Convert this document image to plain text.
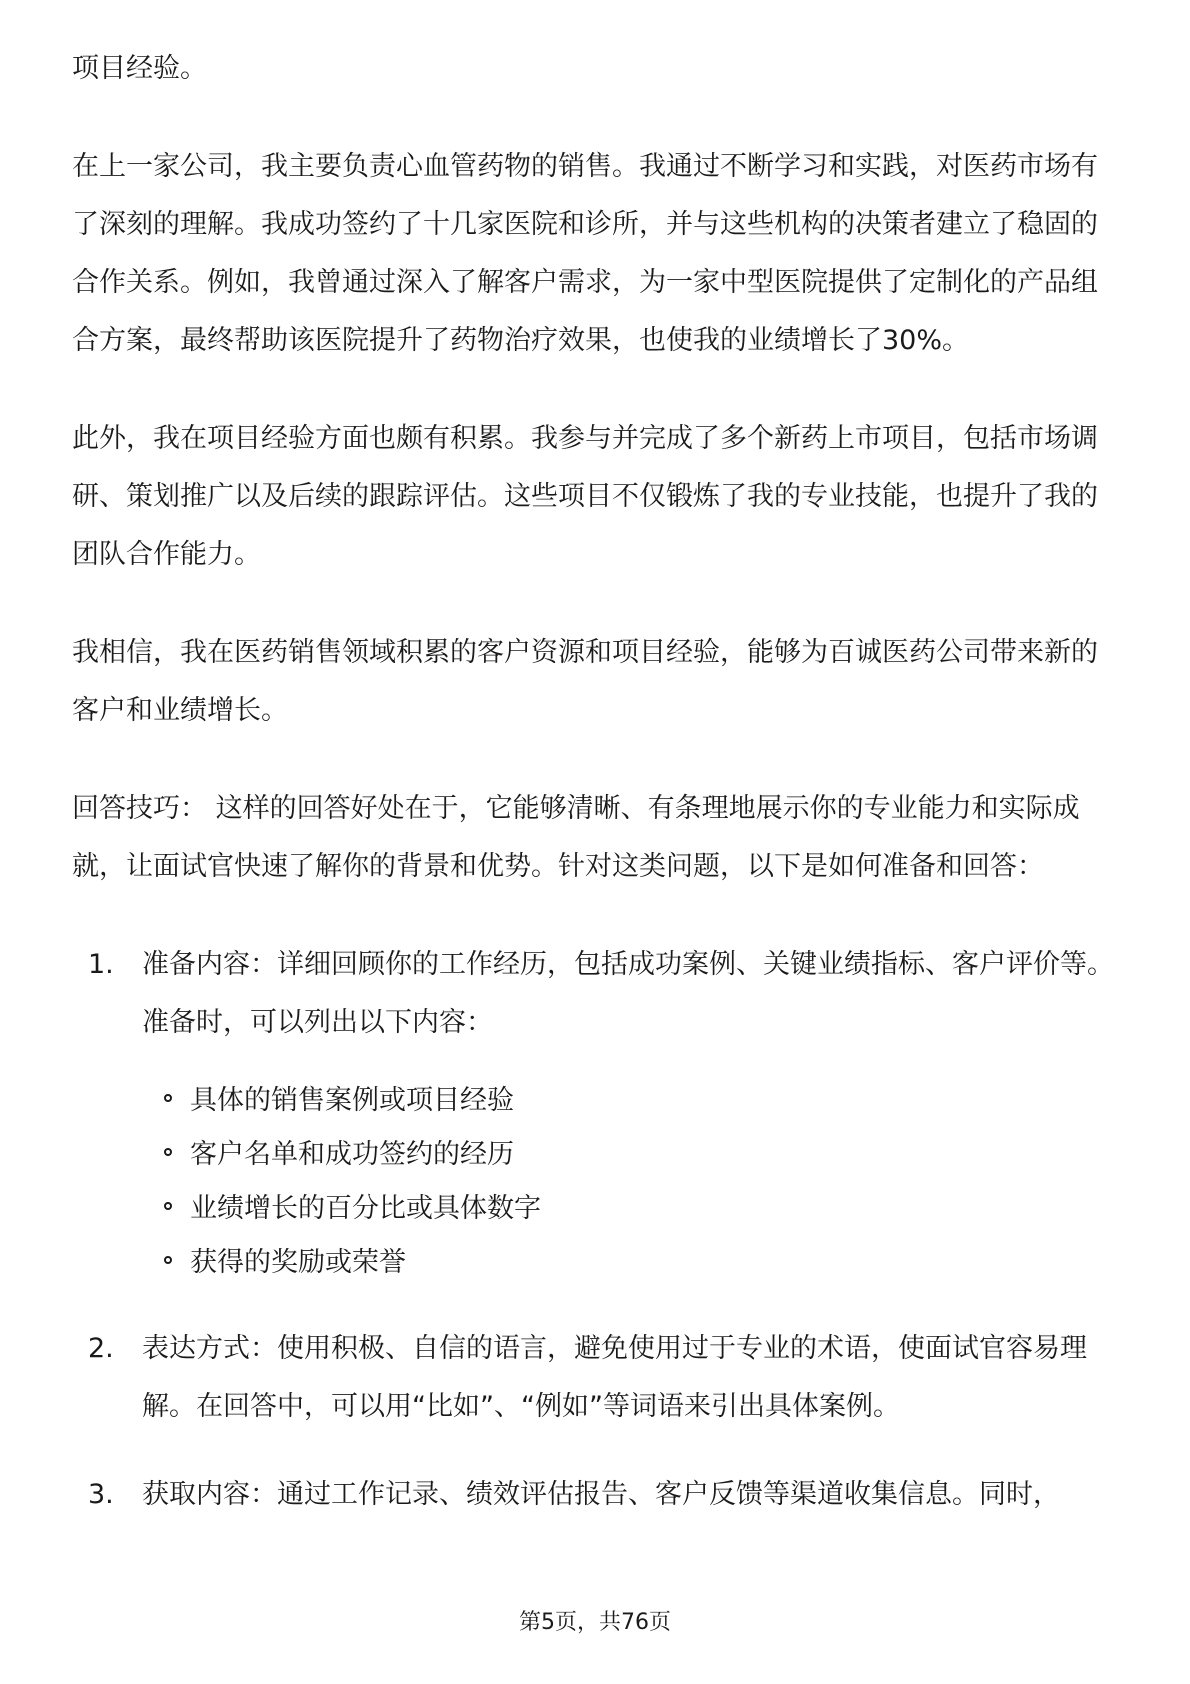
项目经验。

在上一家公司，我主要负责心血管药物的销售。我通过不断学习和实践，对医药市场有了深刻的理解。我成功签约了十几家医院和诊所，并与这些机构的决策者建立了稳固的合作关系。例如，我曾通过深入了解客户需求，为一家中型医院提供了定制化的产品组合方案，最终帮助该医院提升了药物治疗效果，也使我的业绩增长了30%。

此外，我在项目经验方面也颇有积累。我参与并完成了多个新药上市项目，包括市场调研、策划推广以及后续的跟踪评估。这些项目不仅锻炼了我的专业技能，也提升了我的团队合作能力。

我相信，我在医药销售领域积累的客户资源和项目经验，能够为百诚医药公司带来新的客户和业绩增长。

回答技巧： 这样的回答好处在于，它能够清晰、有条理地展示你的专业能力和实际成就，让面试官快速了解你的背景和优势。针对这类问题，以下是如何准备和回答：

1. 准备内容：详细回顾你的工作经历，包括成功案例、关键业绩指标、客户评价等。准备时，可以列出以下内容：
具体的销售案例或项目经验
客户名单和成功签约的经历
业绩增长的百分比或具体数字
获得的奖励或荣誉
2. 表达方式：使用积极、自信的语言，避免使用过于专业的术语，使面试官容易理解。在回答中，可以用“比如”、“例如”等词语来引出具体案例。
3. 获取内容：通过工作记录、绩效评估报告、客户反馈等渠道收集信息。同时，
第5页，共76页
